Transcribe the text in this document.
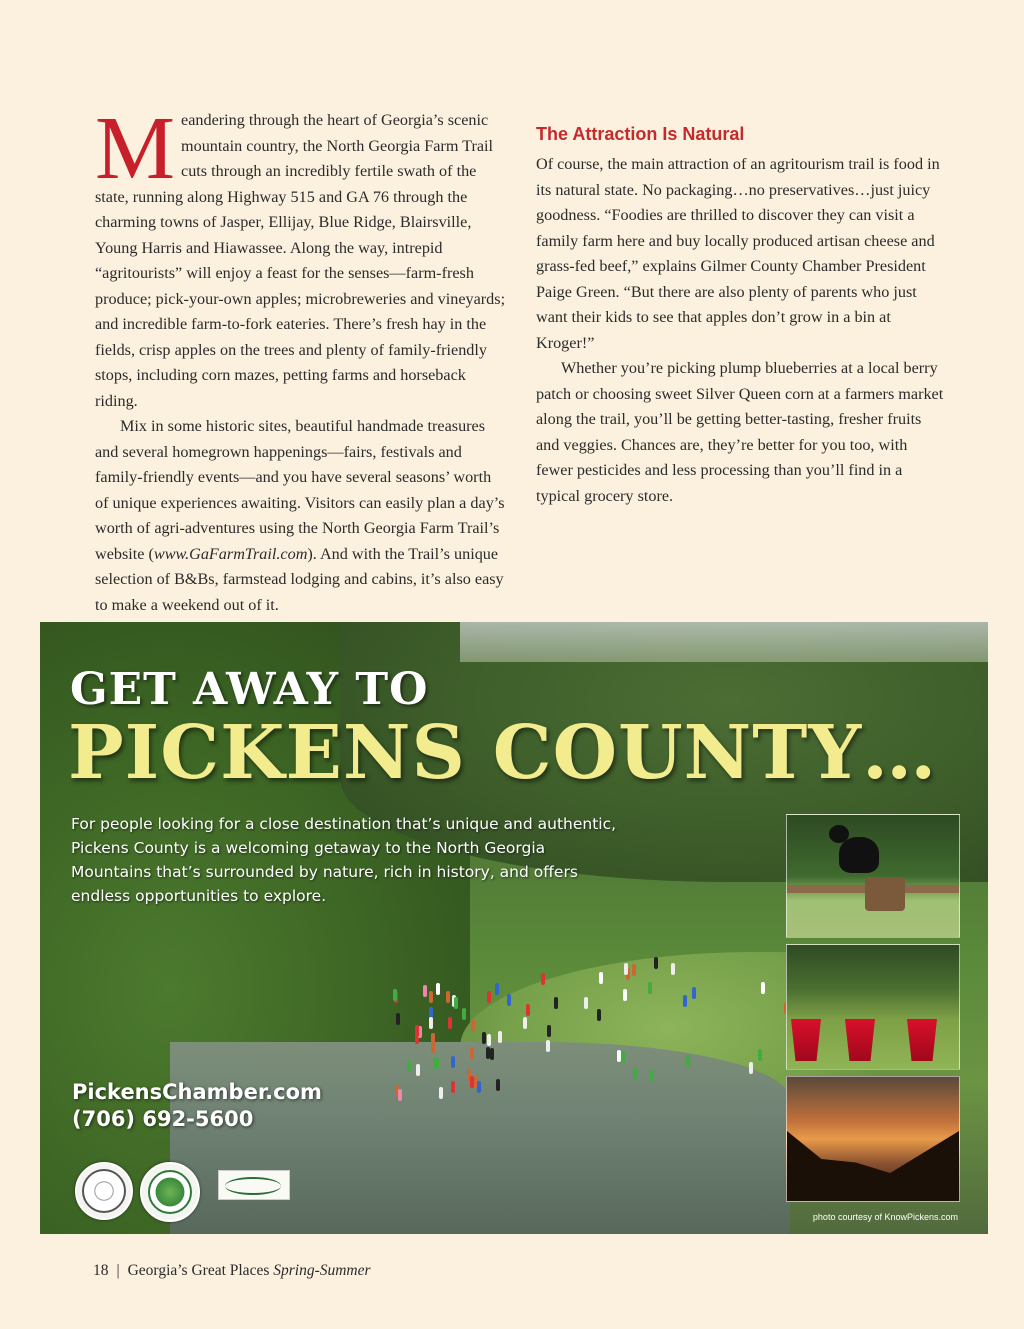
Meandering through the heart of Georgia’s scenic mountain country, the North Georgia Farm Trail cuts through an incredibly fertile swath of the state, running along Highway 515 and GA 76 through the charming towns of Jasper, Ellijay, Blue Ridge, Blairsville, Young Harris and Hiawassee. Along the way, intrepid “agritourists” will enjoy a feast for the senses—farm-fresh produce; pick-your-own apples; microbreweries and vineyards; and incredible farm-to-fork eateries. There’s fresh hay in the fields, crisp apples on the trees and plenty of family-friendly stops, including corn mazes, petting farms and horseback riding.

Mix in some historic sites, beautiful handmade treasures and several homegrown happenings—fairs, festivals and family-friendly events—and you have several seasons’ worth of unique experiences awaiting. Visitors can easily plan a day’s worth of agri-adventures using the North Georgia Farm Trail’s website (www.GaFarmTrail.com). And with the Trail’s unique selection of B&Bs, farmstead lodging and cabins, it’s also easy to make a weekend out of it.

The Attraction Is Natural

Of course, the main attraction of an agritourism trail is food in its natural state. No packaging…no preservatives…just juicy goodness. “Foodies are thrilled to discover they can visit a family farm here and buy locally produced artisan cheese and grass-fed beef,” explains Gilmer County Chamber President Paige Green. “But there are also plenty of parents who just want their kids to see that apples don’t grow in a bin at Kroger!”

Whether you’re picking plump blueberries at a local berry patch or choosing sweet Silver Queen corn at a farmers market along the trail, you’ll be getting better-tasting, fresher fruits and veggies. Chances are, they’re better for you too, with fewer pesticides and less processing than you’ll find in a typical grocery store.

GET AWAY TO
PICKENS COUNTY…

For people looking for a close destination that’s unique and authentic, Pickens County is a welcoming getaway to the North Georgia Mountains that’s surrounded by nature, rich in history, and offers endless opportunities to explore.

PickensChamber.com

(706) 692-5600

photo courtesy of KnowPickens.com

18 | Georgia’s Great Places Spring-Summer
